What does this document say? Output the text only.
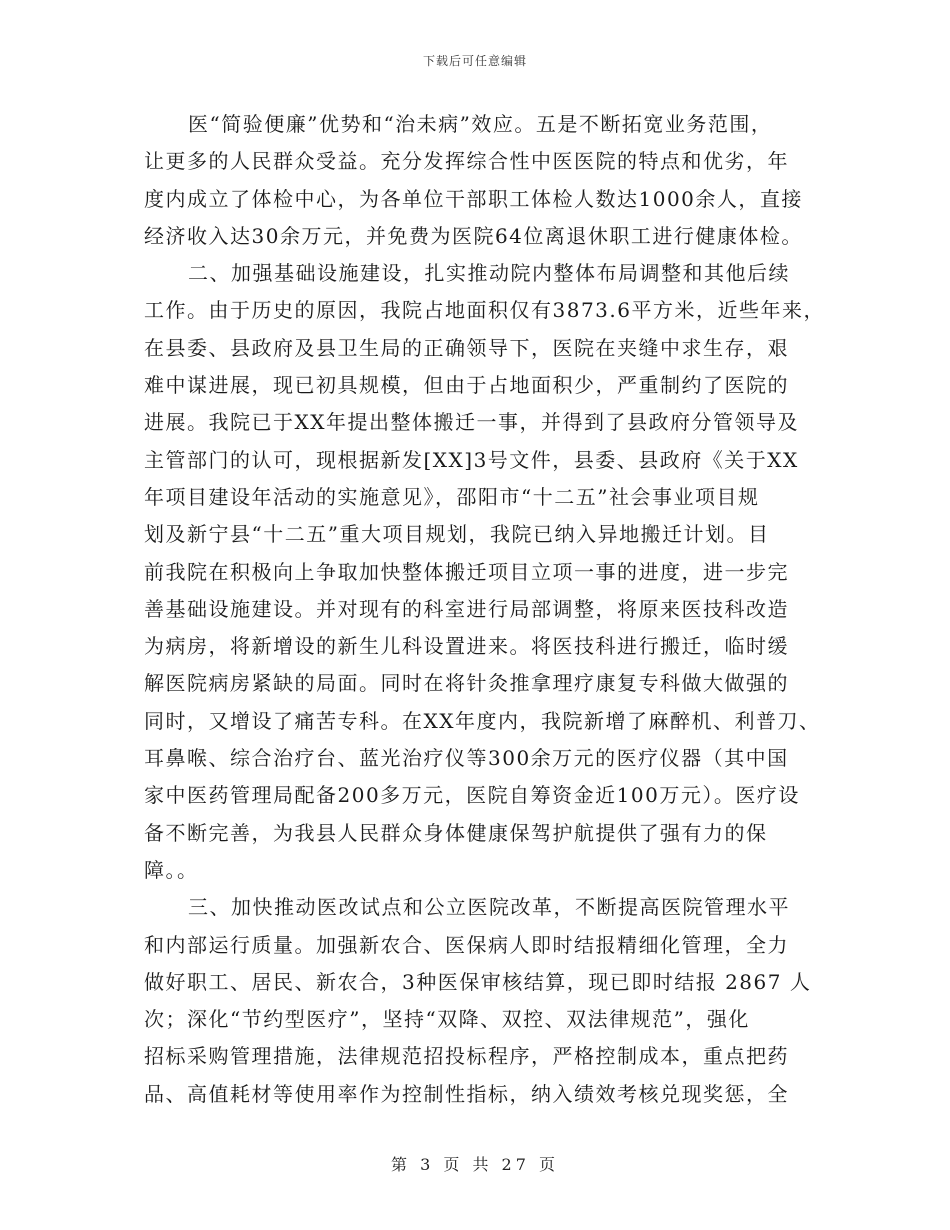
下载后可任意编辑
医“简验便廉”优势和“治未病”效应。五是不断拓宽业务范围，
让更多的人民群众受益。充分发挥综合性中医医院的特点和优劣，年
度内成立了体检中心，为各单位干部职工体检人数达1000余人，直接
经济收入达30余万元，并免费为医院64位离退休职工进行健康体检。
二、加强基础设施建设，扎实推动院内整体布局调整和其他后续
工作。由于历史的原因，我院占地面积仅有3873.6平方米，近些年来，
在县委、县政府及县卫生局的正确领导下，医院在夹缝中求生存，艰
难中谋进展，现已初具规模，但由于占地面积少，严重制约了医院的
进展。我院已于XX年提出整体搬迁一事，并得到了县政府分管领导及
主管部门的认可，现根据新发[XX]3号文件，县委、县政府《关于XX
年项目建设年活动的实施意见》，邵阳市“十二五”社会事业项目规
划及新宁县“十二五”重大项目规划，我院已纳入异地搬迁计划。目
前我院在积极向上争取加快整体搬迁项目立项一事的进度，进一步完
善基础设施建设。并对现有的科室进行局部调整，将原来医技科改造
为病房，将新增设的新生儿科设置进来。将医技科进行搬迁，临时缓
解医院病房紧缺的局面。同时在将针灸推拿理疗康复专科做大做强的
同时，又增设了痛苦专科。在XX年度内，我院新增了麻醉机、利普刀、
耳鼻喉、综合治疗台、蓝光治疗仪等300余万元的医疗仪器（其中国
家中医药管理局配备200多万元，医院自筹资金近100万元）。医疗设
备不断完善，为我县人民群众身体健康保驾护航提供了强有力的保
障。。
三、加快推动医改试点和公立医院改革，不断提高医院管理水平
和内部运行质量。加强新农合、医保病人即时结报精细化管理，全力
做好职工、居民、新农合，3种医保审核结算，现已即时结报 2867 人
次；深化“节约型医疗”，坚持“双降、双控、双法律规范”，强化
招标采购管理措施，法律规范招投标程序，严格控制成本，重点把药
品、高值耗材等使用率作为控制性指标，纳入绩效考核兑现奖惩，全
第 3 页 共 27 页
